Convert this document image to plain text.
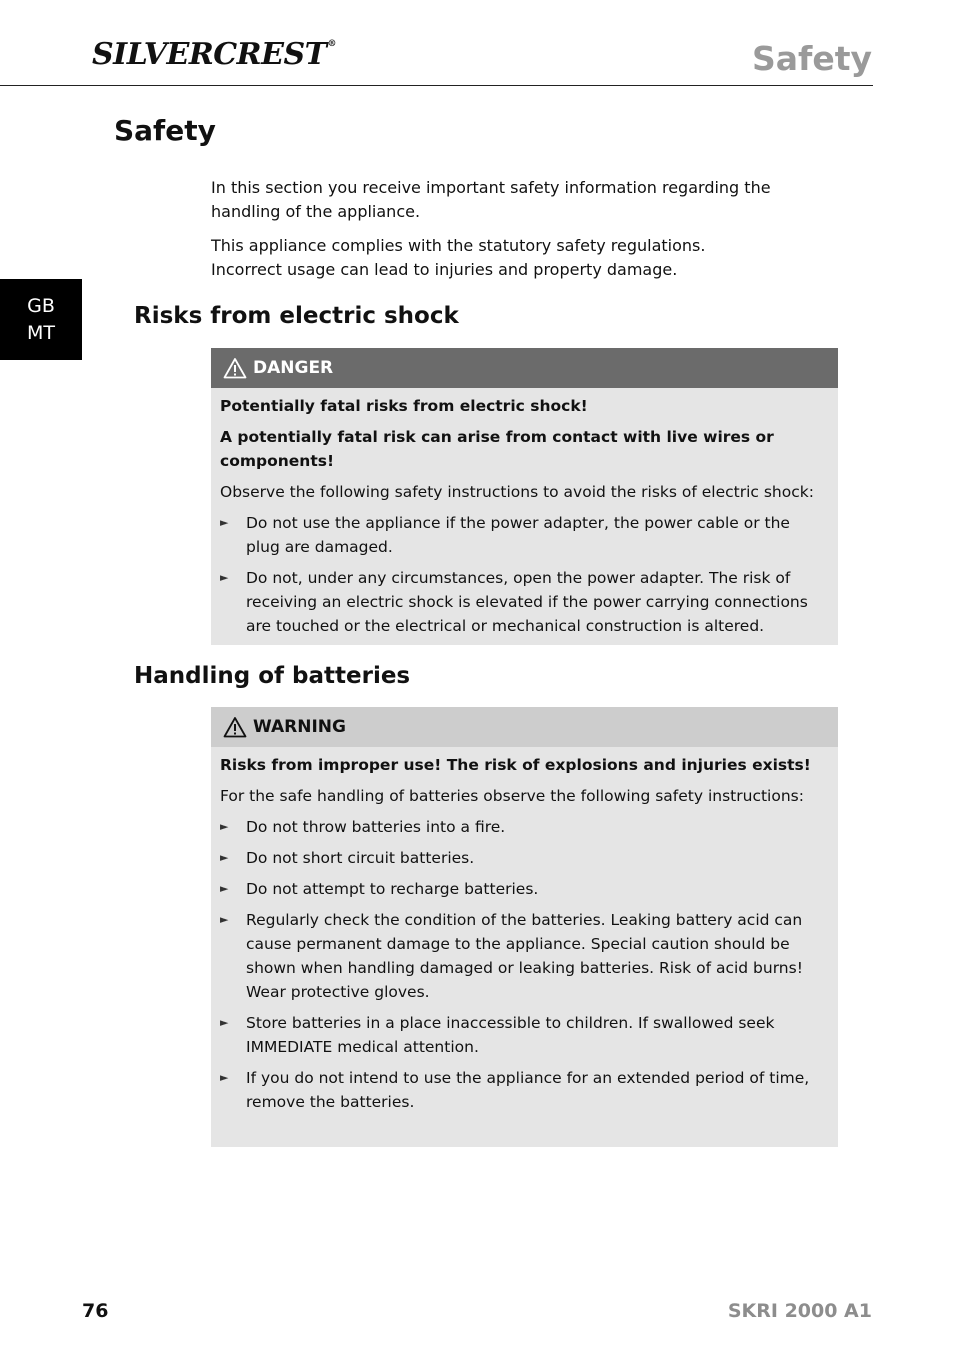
SILVERCREST®	Safety
Safety
GB
MT

In this section you receive important safety information regarding the handling of the appliance.

This appliance complies with the statutory safety regulations.
Incorrect usage can lead to injuries and property damage.

Risks from electric shock
DANGER

Potentially fatal risks from electric shock!

A potentially fatal risk can arise from contact with live wires or components!

Observe the following safety instructions to avoid the risks of electric shock:

►	Do not use the appliance if the power adapter, the power cable or the plug are damaged.
►	Do not, under any circumstances, open the power adapter. The risk of receiving an electric shock is elevated if the power carrying connections are touched or the electrical or mechanical construction is altered.
Handling of batteries
WARNING

Risks from improper use! The risk of explosions and injuries exists!

For the safe handling of batteries observe the following safety instructions:

►	Do not throw batteries into a fire.
►	Do not short circuit batteries.
►	Do not attempt to recharge batteries.
►	Regularly check the condition of the batteries. Leaking battery acid can cause permanent damage to the appliance. Special caution should be shown when handling damaged or leaking batteries. Risk of acid burns! Wear protective gloves.
►	Store batteries in a place inaccessible to children. If swallowed seek IMMEDIATE medical attention.
►	If you do not intend to use the appliance for an extended period of time, remove the batteries.
76	SKRI 2000 A1
